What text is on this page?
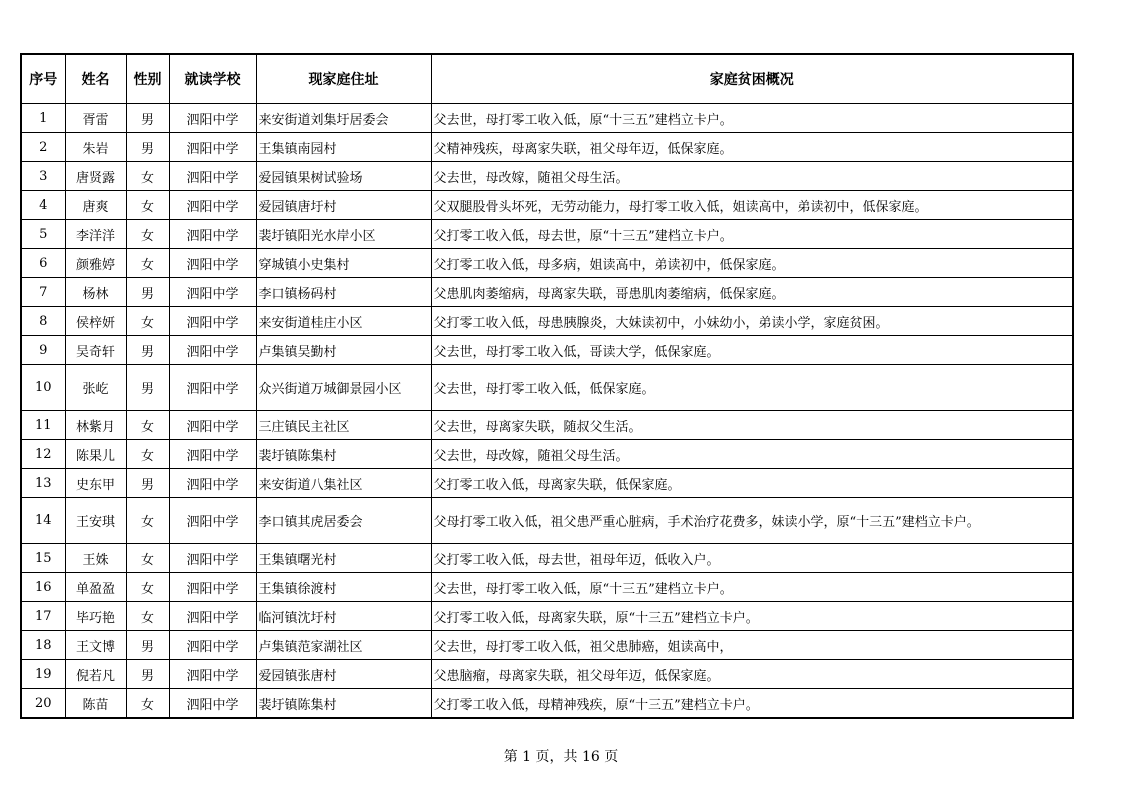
序号	姓名	性别	就读学校	现家庭住址	家庭贫困概况
1	胥雷	男	泗阳中学	来安街道刘集圩居委会	父去世，母打零工收入低，原“十三五”建档立卡户。
2	朱岩	男	泗阳中学	王集镇南园村	父精神残疾，母离家失联，祖父母年迈，低保家庭。
3	唐贤露	女	泗阳中学	爱园镇果树试验场	父去世，母改嫁，随祖父母生活。
4	唐爽	女	泗阳中学	爱园镇唐圩村	父双腿股骨头坏死，无劳动能力，母打零工收入低，姐读高中，弟读初中，低保家庭。
5	李洋洋	女	泗阳中学	裴圩镇阳光水岸小区	父打零工收入低，母去世，原“十三五”建档立卡户。
6	颜雅婷	女	泗阳中学	穿城镇小史集村	父打零工收入低，母多病，姐读高中，弟读初中，低保家庭。
7	杨林	男	泗阳中学	李口镇杨码村	父患肌肉萎缩病，母离家失联，哥患肌肉萎缩病，低保家庭。
8	侯梓妍	女	泗阳中学	来安街道桂庄小区	父打零工收入低，母患胰腺炎，大妹读初中，小妹幼小，弟读小学，家庭贫困。
9	吴奇轩	男	泗阳中学	卢集镇吴勤村	父去世，母打零工收入低，哥读大学，低保家庭。
10	张屹	男	泗阳中学	众兴街道万城御景园小区	父去世，母打零工收入低，低保家庭。
11	林紫月	女	泗阳中学	三庄镇民主社区	父去世，母离家失联，随叔父生活。
12	陈果儿	女	泗阳中学	裴圩镇陈集村	父去世，母改嫁，随祖父母生活。
13	史东甲	男	泗阳中学	来安街道八集社区	父打零工收入低，母离家失联，低保家庭。
14	王安琪	女	泗阳中学	李口镇其虎居委会	父母打零工收入低，祖父患严重心脏病，手术治疗花费多，妹读小学，原“十三五”建档立卡户。
15	王姝	女	泗阳中学	王集镇曙光村	父打零工收入低，母去世，祖母年迈，低收入户。
16	单盈盈	女	泗阳中学	王集镇徐渡村	父去世，母打零工收入低，原“十三五”建档立卡户。
17	毕巧艳	女	泗阳中学	临河镇沈圩村	父打零工收入低，母离家失联，原“十三五”建档立卡户。
18	王文博	男	泗阳中学	卢集镇范家湖社区	父去世，母打零工收入低，祖父患肺癌，姐读高中，
19	倪若凡	男	泗阳中学	爱园镇张唐村	父患脑瘤，母离家失联，祖父母年迈，低保家庭。
20	陈苗	女	泗阳中学	裴圩镇陈集村	父打零工收入低，母精神残疾，原“十三五”建档立卡户。
第 1 页，共 16 页
